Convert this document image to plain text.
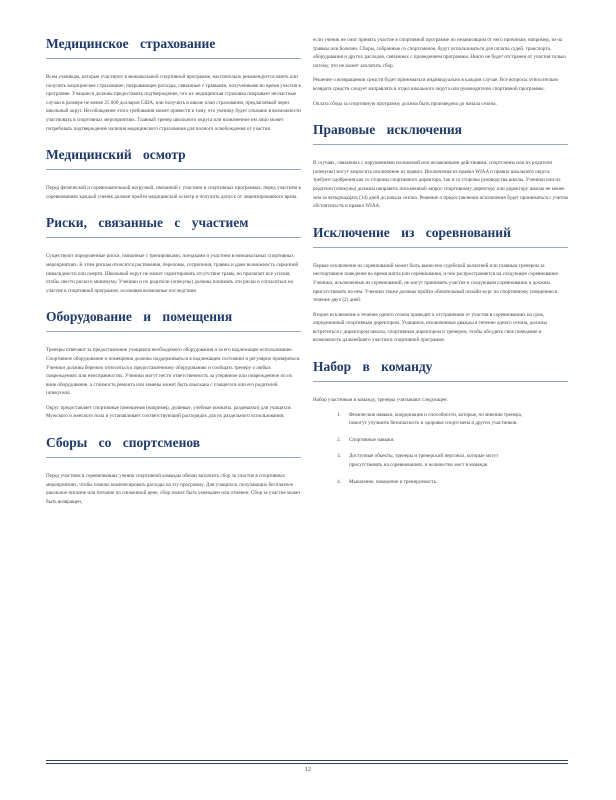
Медицинское страхование

Всем ученикам, которые участвуют в межшкольной спортивной программе, настоятельно рекомендуется иметь или получить медицинское страхование, покрывающее расходы, связанные с травмами, полученными во время участия в программе. Учащиеся должны предоставить подтверждение, что их медицинская страховка покрывает несчастные случаи в размере не менее 25 000 долларов США, или получить в школе план страхования, предлагаемый через школьный округ. Несоблюдение этого требования может привести к тому, что ученику будет отказано в возможности участвовать в спортивных мероприятиях. Главный тренер школьного округа или назначенное им лицо может потребовать подтверждение наличия медицинского страхования для полного освобождения от участия.

Медицинский осмотр

Перед физической и соревновательной нагрузкой, связанной с участием в спортивных программах, перед участием в соревнованиях каждый ученик должен пройти медицинский осмотр и получить допуск от лицензированного врача.

Риски, связанные с участием

Существуют определенные риски, связанные с тренировками, поездками и участием в межшкольных спортивных мероприятиях. К этим рискам относятся растяжения, переломы, сотрясения, травмы и даже возможность серьезной инвалидности или смерти. Школьный округ не может гарантировать отсутствие травм, но прилагает все усилия, чтобы свести риски к минимуму. Ученики и их родители (опекуны) должны понимать эти риски и согласиться на участие в спортивной программе, осознавая возможные последствия.

Оборудование и помещения

Тренеры отвечают за предоставление учащимся необходимого оборудования и за его надлежащее использование. Спортивное оборудование и помещения должны поддерживаться в надлежащем состоянии и регулярно проверяться. Ученики должны бережно относиться к предоставленному оборудованию и сообщать тренеру о любых повреждениях или неисправностях. Ученики могут нести ответственность за утерянное или поврежденное по их вине оборудование, а стоимость ремонта или замены может быть взыскана с учащегося или его родителей (опекунов).

Округ предоставляет спортивные помещения (например, душевые, учебные комнаты, раздевалки) для учащихся. Мужского и женского пола и устанавливает соответствующий распорядок для их раздельного использования.

Сборы со спортсменов

Перед участием в соревнованиях ученик спортивной команды обязан заплатить сбор за участие в спортивных мероприятиях, чтобы помочь компенсировать расходы на эту программу. Для учащихся, получающих бесплатное школьное питание или питание по сниженной цене, сбор может быть уменьшен или отменен. Сбор за участие может быть возвращен,

если ученик не смог принять участие в спортивной программе по независящим от него причинам, например, из-за травмы или болезни. Сборы, собранные со спортсменов, будут использоваться для оплаты судей, транспорта, оборудования и других расходов, связанных с проведением программы. Никто не будет отстранен от участия только потому, что не может заплатить сбор.

Решение о возвращении средств будет приниматься индивидуально в каждом случае. Все вопросы относительно возврата средств следует направлять в отдел школьного округа или руководителю спортивной программы.

Оплата сбора за спортивную программу должна быть произведена до начала сезона.

Правовые исключения

В случаях, связанных с нарушениями положений или незаконными действиями, спортсмены или их родители (опекуны) могут запросить исключение из правил. Исключения из правил WIAA и правил школьного округа требуют одобрения как со стороны спортивного директора, так и со стороны руководства школы. Ученики или их родители (опекуны) должны направить письменный запрос спортивному директору или директору школы не менее чем за четырнадцать (14) дней до начала сезона. Решение о предоставлении исключения будет приниматься с учетом обстоятельств и правил WIAA.

Исключение из соревнований

Первое исключение из соревнований может быть вынесено судейской коллегией или главным тренером за неспортивное поведение во время матча или соревнования, и оно распространяется на следующее соревнование. Ученики, исключенные из соревнований, не могут принимать участие в следующем соревновании и должны присутствовать на нем. Ученики также должны пройти обязательный онлайн-курс по спортивному поведению в течение двух (2) дней.

Второе исключение в течение одного сезона приводит к отстранению от участия в соревнованиях на срок, определенный спортивным директором. Учащиеся, исключенные дважды в течение одного сезона, должны встретиться с директором школы, спортивным директором и тренером, чтобы обсудить свое поведение и возможность дальнейшего участия в спортивной программе.

Набор в команду

Набор участников в команду, тренеры учитывают следующее:

1.	Физические навыки, координация и способности, которые, по мнению тренера, помогут улучшить безопасность и здоровье спортсмена и других участников.
2.	Спортивные навыки.
3.	Доступные объекты, тренеры и тренерский персонал, которые могут присутствовать на соревнованиях, и количество мест в команде.
4.	Мышление, поведение и тренируемость.
12
